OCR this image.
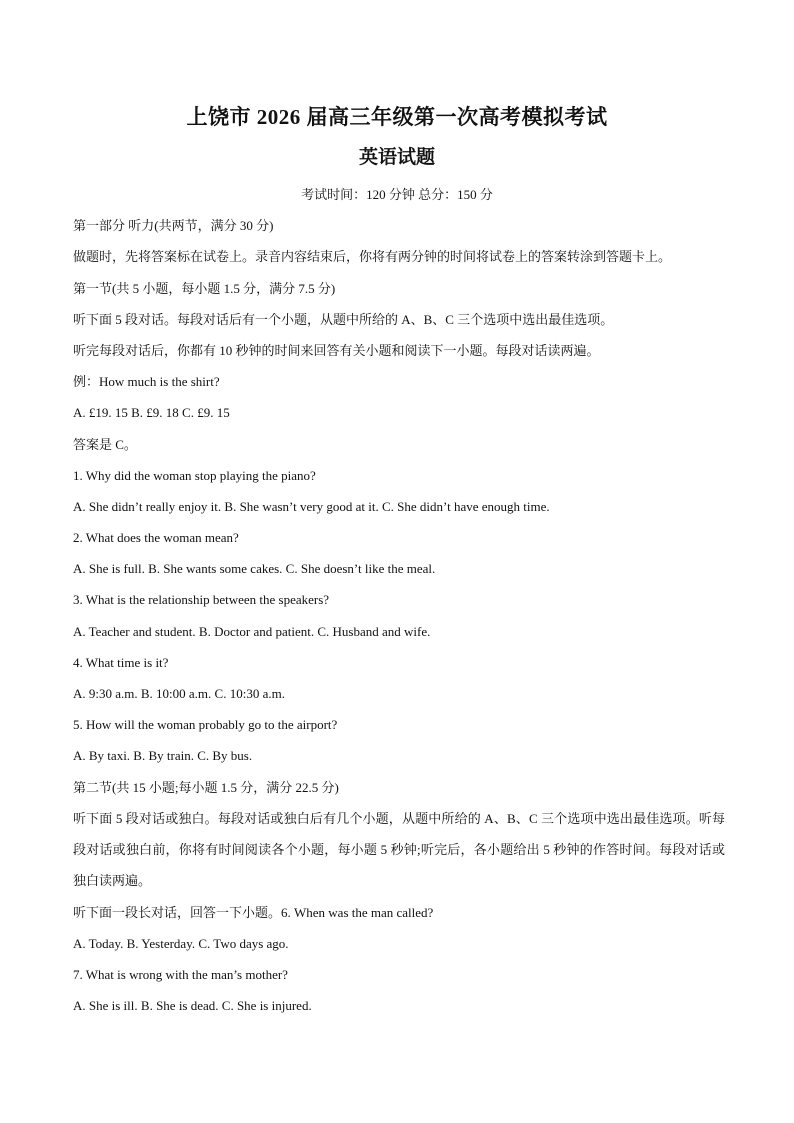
上饶市 2026 届高三年级第一次高考模拟考试
英语试题
考试时间：120 分钟 总分：150 分
第一部分 听力(共两节，满分 30 分)
做题时，先将答案标在试卷上。录音内容结束后，你将有两分钟的时间将试卷上的答案转涂到答题卡上。
第一节(共 5 小题，每小题 1.5 分，满分 7.5 分)
听下面 5 段对话。每段对话后有一个小题，从题中所给的 A、B、C 三个选项中选出最佳选项。
听完每段对话后，你都有 10 秒钟的时间来回答有关小题和阅读下一小题。每段对话读两遍。
例：How much is the shirt?
A. £19. 15 B. £9. 18 C. £9. 15
答案是 C。
1. Why did the woman stop playing the piano?
A. She didn’t really enjoy it. B. She wasn’t very good at it. C. She didn’t have enough time.
2. What does the woman mean?
A. She is full. B. She wants some cakes. C. She doesn’t like the meal.
3. What is the relationship between the speakers?
A. Teacher and student. B. Doctor and patient. C. Husband and wife.
4. What time is it?
A. 9:30 a.m. B. 10:00 a.m. C. 10:30 a.m.
5. How will the woman probably go to the airport?
A. By taxi. B. By train. C. By bus.
第二节(共 15 小题;每小题 1.5 分，满分 22.5 分)
听下面 5 段对话或独白。每段对话或独白后有几个小题，从题中所给的 A、B、C 三个选项中选出最佳选项。听每段对话或独白前，你将有时间阅读各个小题，每小题 5 秒钟;听完后，各小题给出 5 秒钟的作答时间。每段对话或独白读两遍。
听下面一段长对话，回答一下小题。6. When was the man called?
A. Today. B. Yesterday. C. Two days ago.
7. What is wrong with the man’s mother?
A. She is ill. B. She is dead. C. She is injured.
